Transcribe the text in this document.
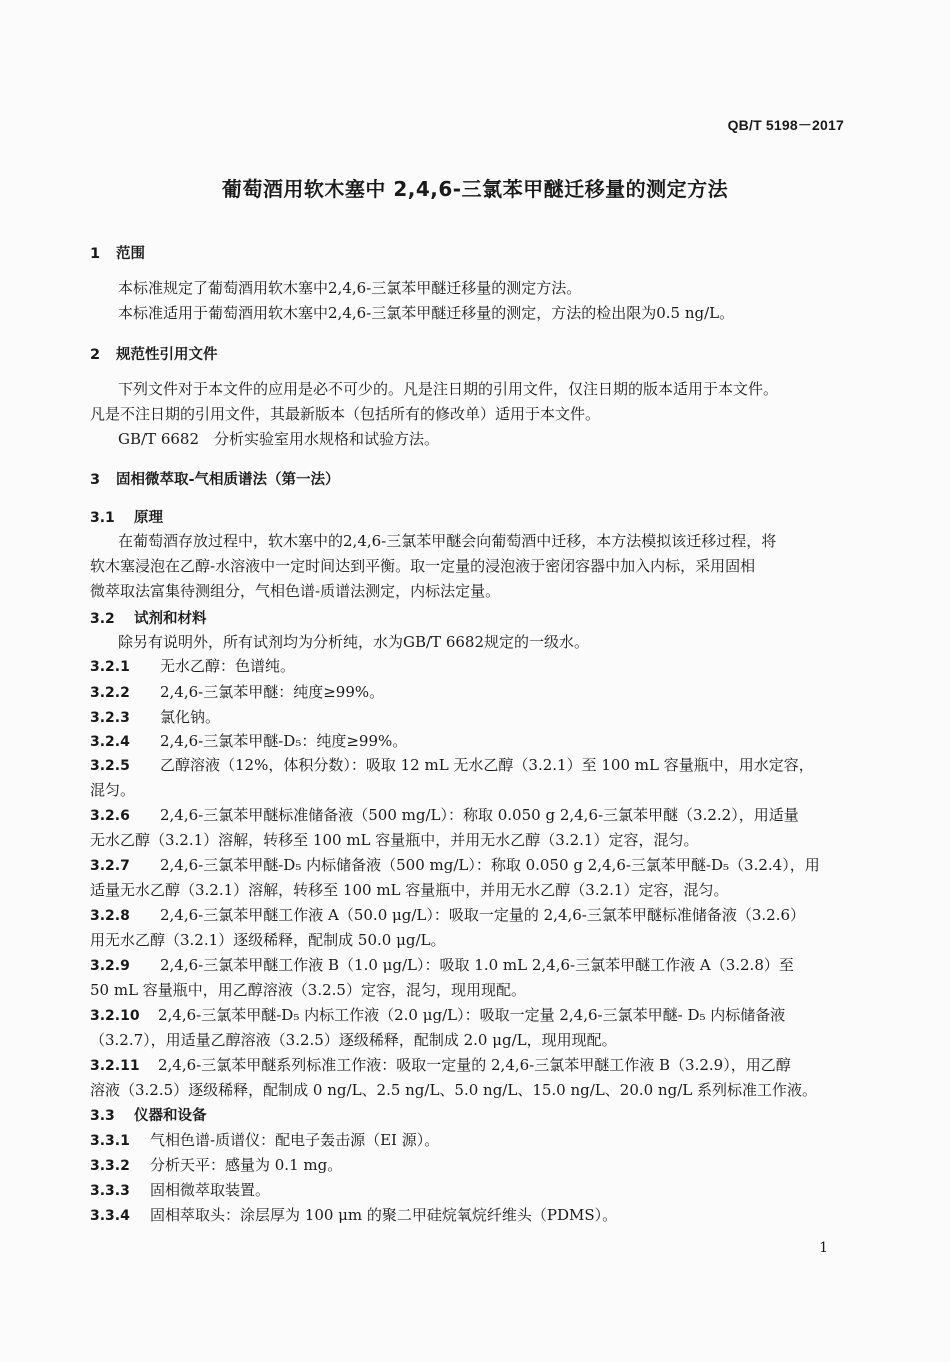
QB/T 5198－2017
葡萄酒用软木塞中 2,4,6-三氯苯甲醚迁移量的测定方法
1 范围
本标准规定了葡萄酒用软木塞中2,4,6-三氯苯甲醚迁移量的测定方法。
本标准适用于葡萄酒用软木塞中2,4,6-三氯苯甲醚迁移量的测定，方法的检出限为0.5 ng/L。
2 规范性引用文件
下列文件对于本文件的应用是必不可少的。凡是注日期的引用文件，仅注日期的版本适用于本文件。
凡是不注日期的引用文件，其最新版本（包括所有的修改单）适用于本文件。
GB/T 6682　分析实验室用水规格和试验方法。
3 固相微萃取-气相质谱法（第一法）
3.1 原理
在葡萄酒存放过程中，软木塞中的2,4,6-三氯苯甲醚会向葡萄酒中迁移，本方法模拟该迁移过程，将
软木塞浸泡在乙醇-水溶液中一定时间达到平衡。取一定量的浸泡液于密闭容器中加入内标，采用固相
微萃取法富集待测组分，气相色谱-质谱法测定，内标法定量。
3.2 试剂和材料
除另有说明外，所有试剂均为分析纯，水为GB/T 6682规定的一级水。
3.2.1 无水乙醇：色谱纯。
3.2.2 2,4,6-三氯苯甲醚：纯度≥99%。
3.2.3 氯化钠。
3.2.4 2,4,6-三氯苯甲醚-D₅：纯度≥99%。
3.2.5 乙醇溶液（12%，体积分数）：吸取 12 mL 无水乙醇（3.2.1）至 100 mL 容量瓶中，用水定容，
混匀。
3.2.6 2,4,6-三氯苯甲醚标准储备液（500 mg/L）：称取 0.050 g 2,4,6-三氯苯甲醚（3.2.2），用适量
无水乙醇（3.2.1）溶解，转移至 100 mL 容量瓶中，并用无水乙醇（3.2.1）定容，混匀。
3.2.7 2,4,6-三氯苯甲醚-D₅ 内标储备液（500 mg/L）：称取 0.050 g 2,4,6-三氯苯甲醚-D₅（3.2.4），用
适量无水乙醇（3.2.1）溶解，转移至 100 mL 容量瓶中，并用无水乙醇（3.2.1）定容，混匀。
3.2.8 2,4,6-三氯苯甲醚工作液 A（50.0 μg/L）：吸取一定量的 2,4,6-三氯苯甲醚标准储备液（3.2.6）
用无水乙醇（3.2.1）逐级稀释，配制成 50.0 μg/L。
3.2.9 2,4,6-三氯苯甲醚工作液 B（1.0 μg/L）：吸取 1.0 mL 2,4,6-三氯苯甲醚工作液 A（3.2.8）至
50 mL 容量瓶中，用乙醇溶液（3.2.5）定容，混匀，现用现配。
3.2.10 2,4,6-三氯苯甲醚-D₅ 内标工作液（2.0 μg/L）：吸取一定量 2,4,6-三氯苯甲醚- D₅ 内标储备液
（3.2.7），用适量乙醇溶液（3.2.5）逐级稀释，配制成 2.0 μg/L，现用现配。
3.2.11 2,4,6-三氯苯甲醚系列标准工作液：吸取一定量的 2,4,6-三氯苯甲醚工作液 B（3.2.9），用乙醇
溶液（3.2.5）逐级稀释，配制成 0 ng/L、2.5 ng/L、5.0 ng/L、15.0 ng/L、20.0 ng/L 系列标准工作液。
3.3 仪器和设备
3.3.1 气相色谱-质谱仪：配电子轰击源（EI 源）。
3.3.2 分析天平：感量为 0.1 mg。
3.3.3 固相微萃取装置。
3.3.4 固相萃取头：涂层厚为 100 μm 的聚二甲硅烷氧烷纤维头（PDMS）。
1
